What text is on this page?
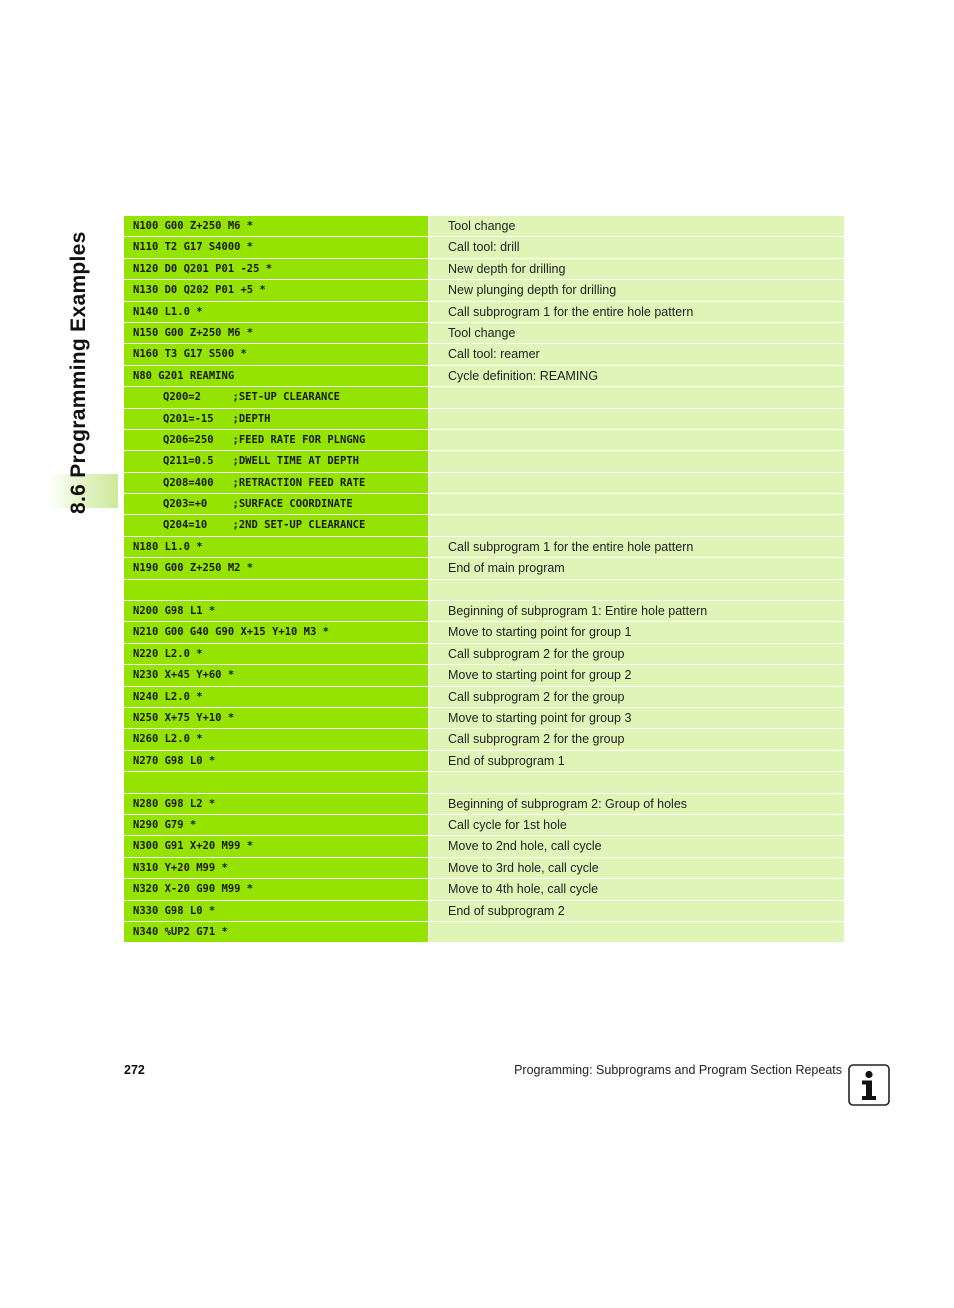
8.6 Programming Examples
N100 G00 Z+250 M6 *	Tool change
N110 T2 G17 S4000 *	Call tool: drill
N120 D0 Q201 P01 -25 *	New depth for drilling
N130 D0 Q202 P01 +5 *	New plunging depth for drilling
N140 L1.0 *	Call subprogram 1 for the entire hole pattern
N150 G00 Z+250 M6 *	Tool change
N160 T3 G17 S500 *	Call tool: reamer
N80 G201 REAMING	Cycle definition: REAMING
Q200=2     ;SET-UP CLEARANCE
Q201=-15   ;DEPTH
Q206=250   ;FEED RATE FOR PLNGNG
Q211=0.5   ;DWELL TIME AT DEPTH
Q208=400   ;RETRACTION FEED RATE
Q203=+0    ;SURFACE COORDINATE
Q204=10    ;2ND SET-UP CLEARANCE
N180 L1.0 *	Call subprogram 1 for the entire hole pattern
N190 G00 Z+250 M2 *	End of main program
N200 G98 L1 *	Beginning of subprogram 1: Entire hole pattern
N210 G00 G40 G90 X+15 Y+10 M3 *	Move to starting point for group 1
N220 L2.0 *	Call subprogram 2 for the group
N230 X+45 Y+60 *	Move to starting point for group 2
N240 L2.0 *	Call subprogram 2 for the group
N250 X+75 Y+10 *	Move to starting point for group 3
N260 L2.0 *	Call subprogram 2 for the group
N270 G98 L0 *	End of subprogram 1
N280 G98 L2 *	Beginning of subprogram 2: Group of holes
N290 G79 *	Call cycle for 1st hole
N300 G91 X+20 M99 *	Move to 2nd hole, call cycle
N310 Y+20 M99 *	Move to 3rd hole, call cycle
N320 X-20 G90 M99 *	Move to 4th hole, call cycle
N330 G98 L0 *	End of subprogram 2
N340 %UP2 G71 *
272	Programming: Subprograms and Program Section Repeats
